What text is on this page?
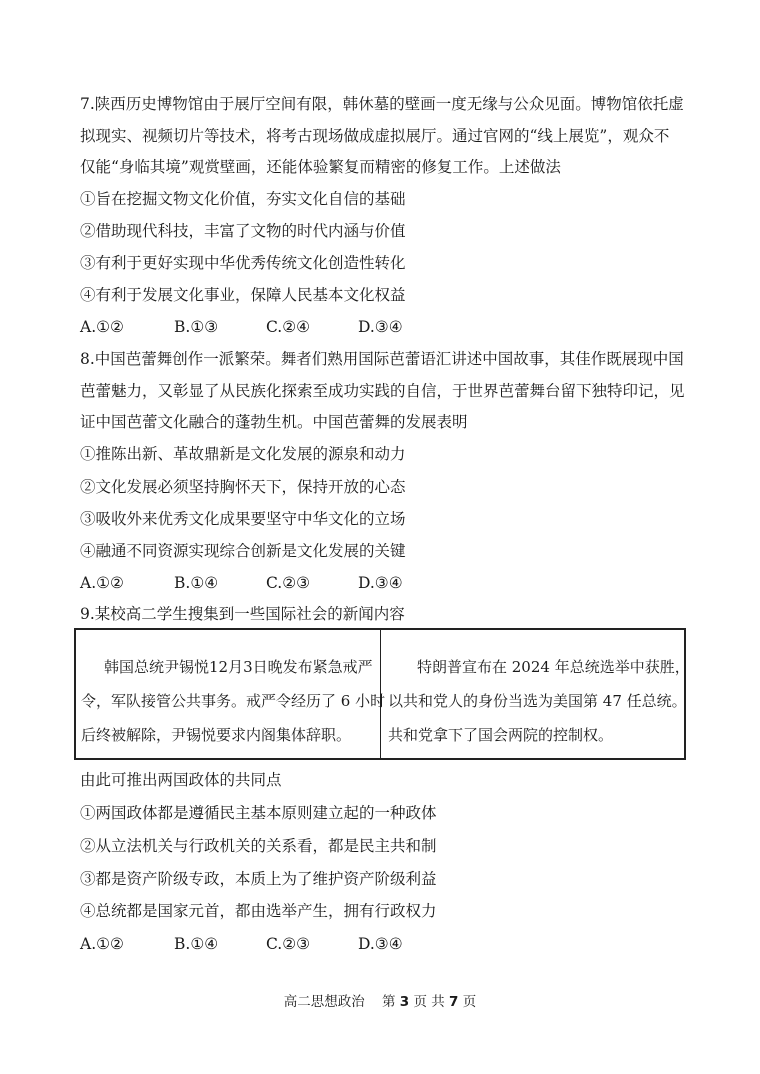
7.陕西历史博物馆由于展厅空间有限，韩休墓的壁画一度无缘与公众见面。博物馆依托虚
拟现实、视频切片等技术，将考古现场做成虚拟展厅。通过官网的“线上展览”，观众不
仅能“身临其境”观赏壁画，还能体验繁复而精密的修复工作。上述做法
①旨在挖掘文物文化价值，夯实文化自信的基础
②借助现代科技，丰富了文物的时代内涵与价值
③有利于更好实现中华优秀传统文化创造性转化
④有利于发展文化事业，保障人民基本文化权益
A.①②	B.①③	C.②④	D.③④
8.中国芭蕾舞创作一派繁荣。舞者们熟用国际芭蕾语汇讲述中国故事，其佳作既展现中国
芭蕾魅力，又彰显了从民族化探索至成功实践的自信，于世界芭蕾舞台留下独特印记，见
证中国芭蕾文化融合的蓬勃生机。中国芭蕾舞的发展表明
①推陈出新、革故鼎新是文化发展的源泉和动力
②文化发展必须坚持胸怀天下，保持开放的心态
③吸收外来优秀文化成果要坚守中华文化的立场
④融通不同资源实现综合创新是文化发展的关键
A.①②	B.①④	C.②③	D.③④
9.某校高二学生搜集到一些国际社会的新闻内容
韩国总统尹锡悦12月3日晚发布紧急戒严
令，军队接管公共事务。戒严令经历了 6 小时
后终被解除，尹锡悦要求内阁集体辞职。

特朗普宣布在 2024 年总统选举中获胜，
以共和党人的身份当选为美国第 47 任总统。
共和党拿下了国会两院的控制权。
由此可推出两国政体的共同点
①两国政体都是遵循民主基本原则建立起的一种政体
②从立法机关与行政机关的关系看，都是民主共和制
③都是资产阶级专政，本质上为了维护资产阶级利益
④总统都是国家元首，都由选举产生，拥有行政权力
A.①②	B.①④	C.②③	D.③④
高二思想政治 第 3 页 共 7 页
